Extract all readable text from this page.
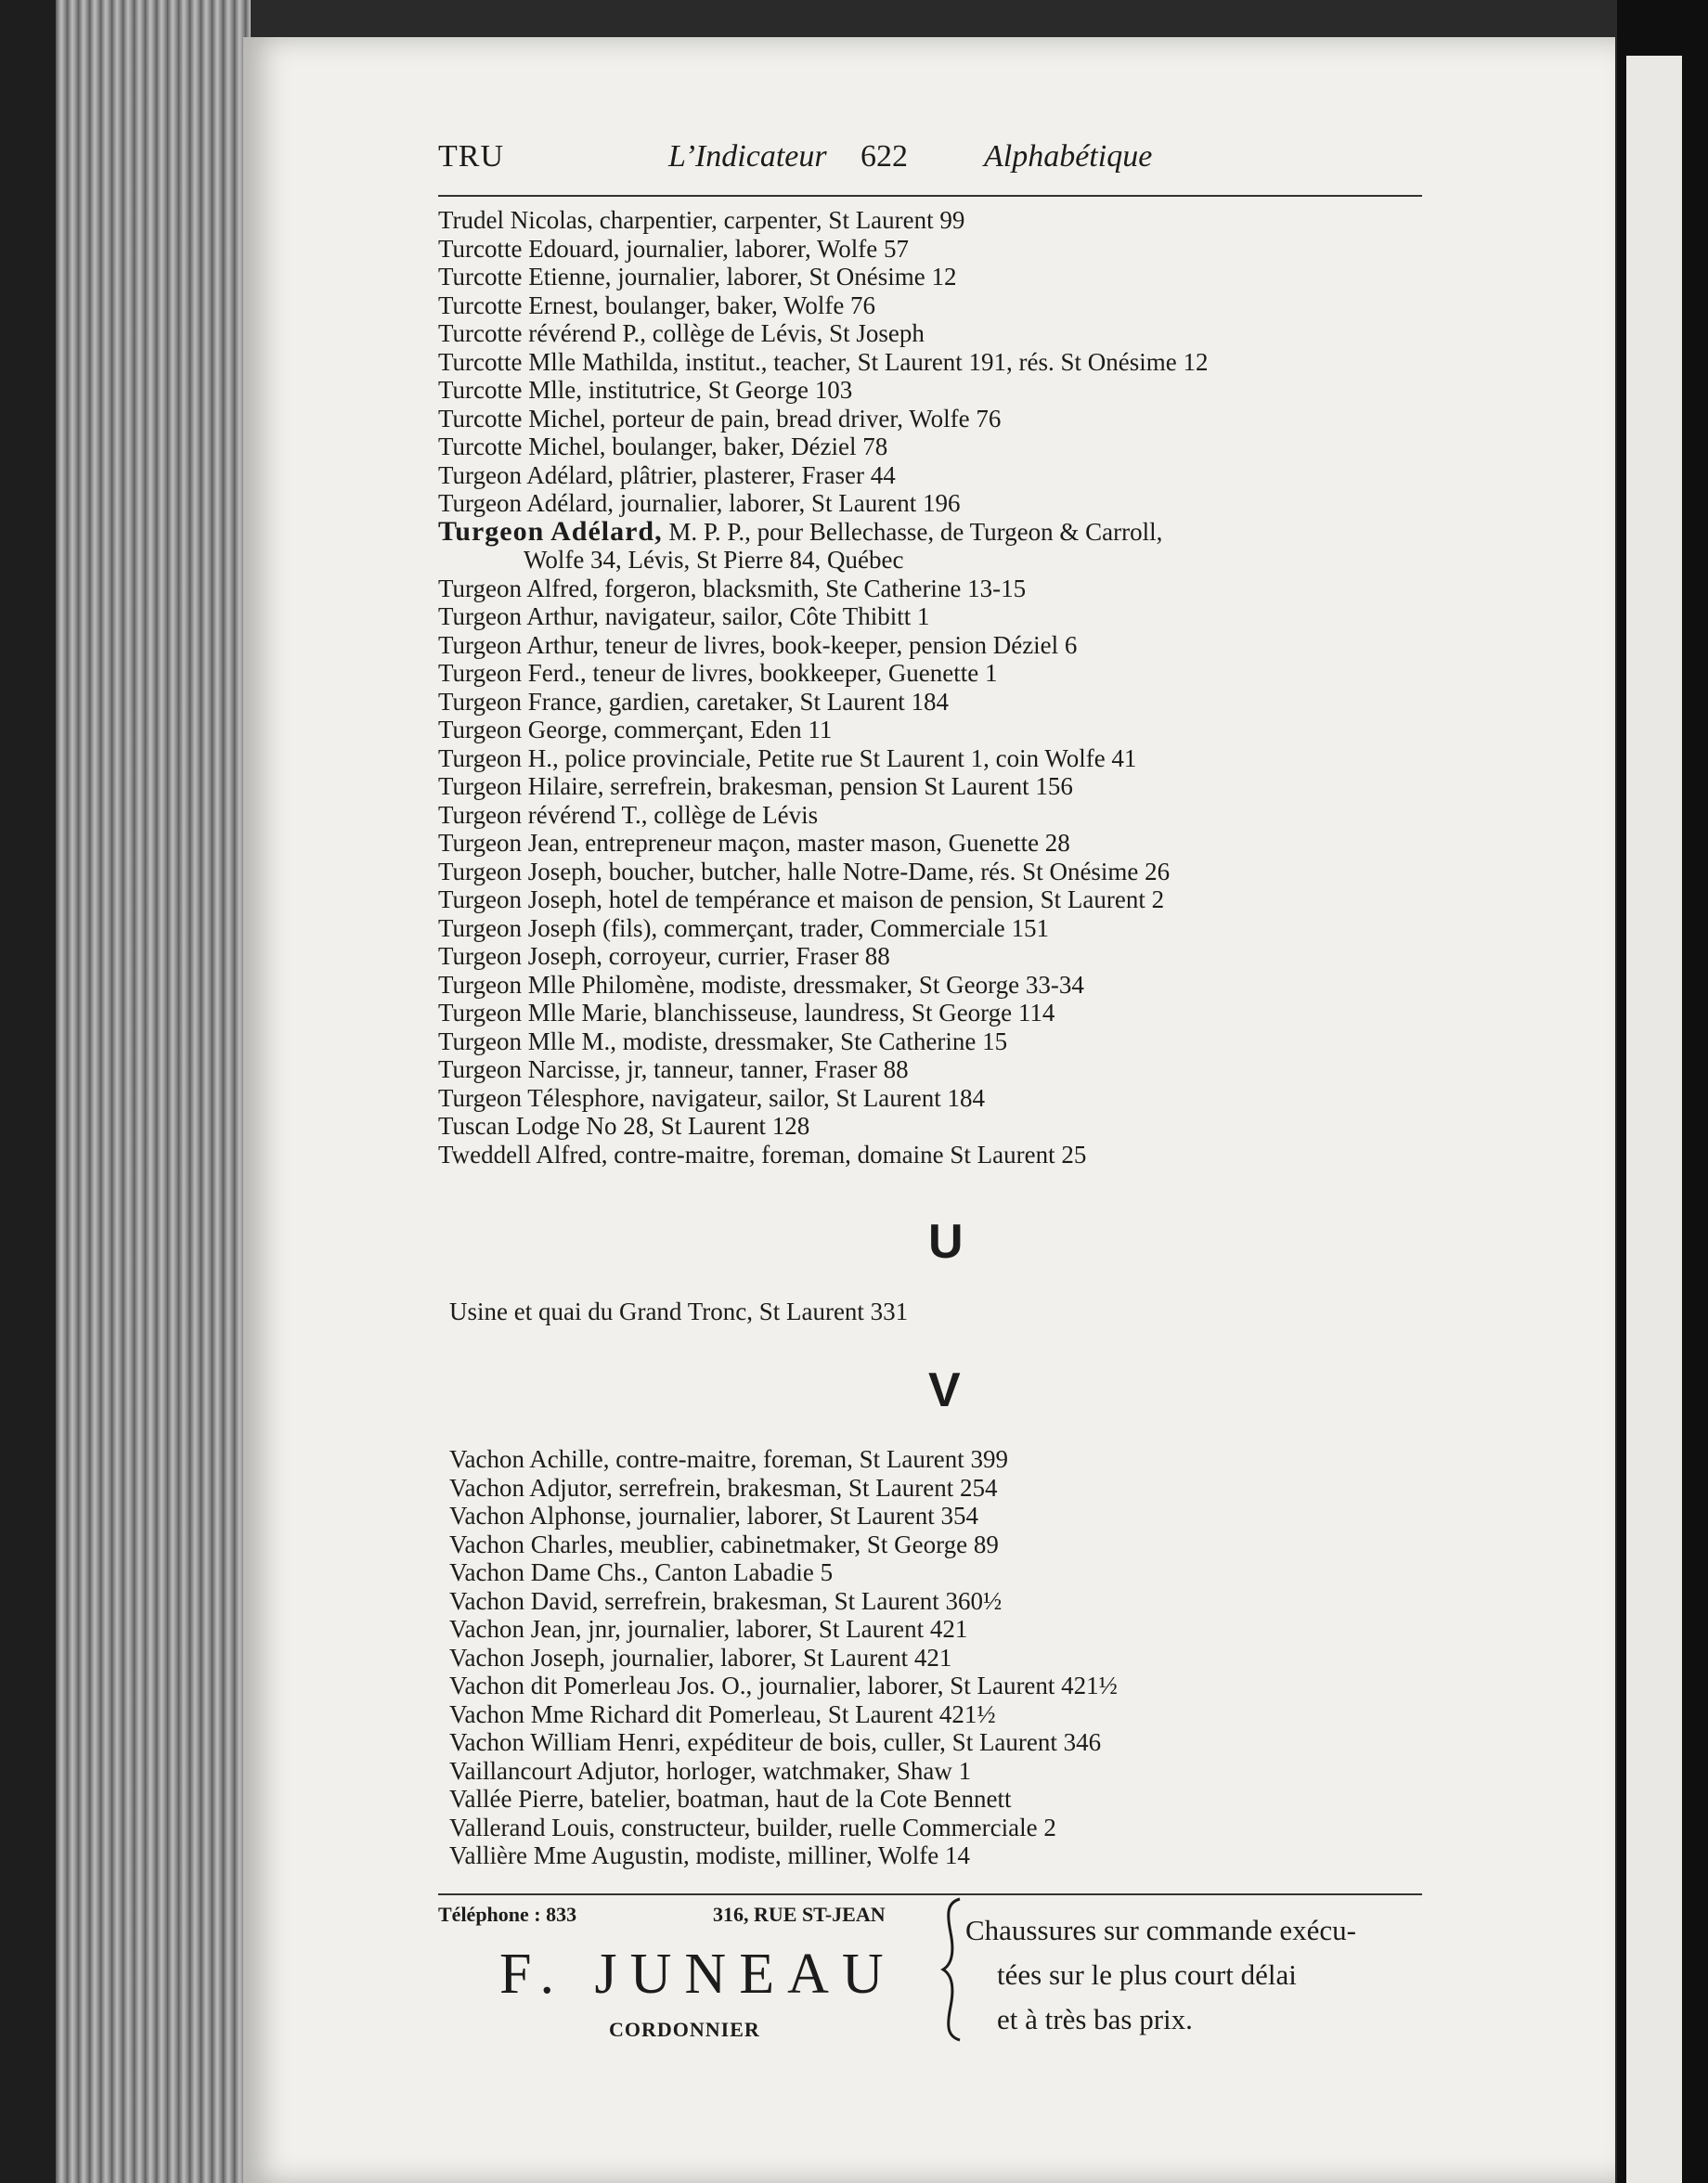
TRU	L’Indicateur 622 Alphabétique
Trudel Nicolas, charpentier, carpenter, St Laurent 99
Turcotte Edouard, journalier, laborer, Wolfe 57
Turcotte Etienne, journalier, laborer, St Onésime 12
Turcotte Ernest, boulanger, baker, Wolfe 76
Turcotte révérend P., collège de Lévis, St Joseph
Turcotte Mlle Mathilda, institut., teacher, St Laurent 191, rés. St Onésime 12
Turcotte Mlle, institutrice, St George 103
Turcotte Michel, porteur de pain, bread driver, Wolfe 76
Turcotte Michel, boulanger, baker, Déziel 78
Turgeon Adélard, plâtrier, plasterer, Fraser 44
Turgeon Adélard, journalier, laborer, St Laurent 196
Turgeon Adélard, M. P. P., pour Bellechasse, de Turgeon & Carroll,
Wolfe 34, Lévis, St Pierre 84, Québec
Turgeon Alfred, forgeron, blacksmith, Ste Catherine 13-15
Turgeon Arthur, navigateur, sailor, Côte Thibitt 1
Turgeon Arthur, teneur de livres, book-keeper, pension Déziel 6
Turgeon Ferd., teneur de livres, bookkeeper, Guenette 1
Turgeon France, gardien, caretaker, St Laurent 184
Turgeon George, commerçant, Eden 11
Turgeon H., police provinciale, Petite rue St Laurent 1, coin Wolfe 41
Turgeon Hilaire, serrefrein, brakesman, pension St Laurent 156
Turgeon révérend T., collège de Lévis
Turgeon Jean, entrepreneur maçon, master mason, Guenette 28
Turgeon Joseph, boucher, butcher, halle Notre-Dame, rés. St Onésime 26
Turgeon Joseph, hotel de tempérance et maison de pension, St Laurent 2
Turgeon Joseph (fils), commerçant, trader, Commerciale 151
Turgeon Joseph, corroyeur, currier, Fraser 88
Turgeon Mlle Philomène, modiste, dressmaker, St George 33-34
Turgeon Mlle Marie, blanchisseuse, laundress, St George 114
Turgeon Mlle M., modiste, dressmaker, Ste Catherine 15
Turgeon Narcisse, jr, tanneur, tanner, Fraser 88
Turgeon Télesphore, navigateur, sailor, St Laurent 184
Tuscan Lodge No 28, St Laurent 128
Tweddell Alfred, contre-maitre, foreman, domaine St Laurent 25
U
Usine et quai du Grand Tronc, St Laurent 331
V
Vachon Achille, contre-maitre, foreman, St Laurent 399
Vachon Adjutor, serrefrein, brakesman, St Laurent 254
Vachon Alphonse, journalier, laborer, St Laurent 354
Vachon Charles, meublier, cabinetmaker, St George 89
Vachon Dame Chs., Canton Labadie 5
Vachon David, serrefrein, brakesman, St Laurent 360½
Vachon Jean, jnr, journalier, laborer, St Laurent 421
Vachon Joseph, journalier, laborer, St Laurent 421
Vachon dit Pomerleau Jos. O., journalier, laborer, St Laurent 421½
Vachon Mme Richard dit Pomerleau, St Laurent 421½
Vachon William Henri, expéditeur de bois, culler, St Laurent 346
Vaillancourt Adjutor, horloger, watchmaker, Shaw 1
Vallée Pierre, batelier, boatman, haut de la Cote Bennett
Vallerand Louis, constructeur, builder, ruelle Commerciale 2
Vallière Mme Augustin, modiste, milliner, Wolfe 14
Téléphone : 833	316, RUE ST-JEAN
F. JUNEAU
CORDONNIER
Chaussures sur commande exécu-
tées sur le plus court délai
et à très bas prix.
